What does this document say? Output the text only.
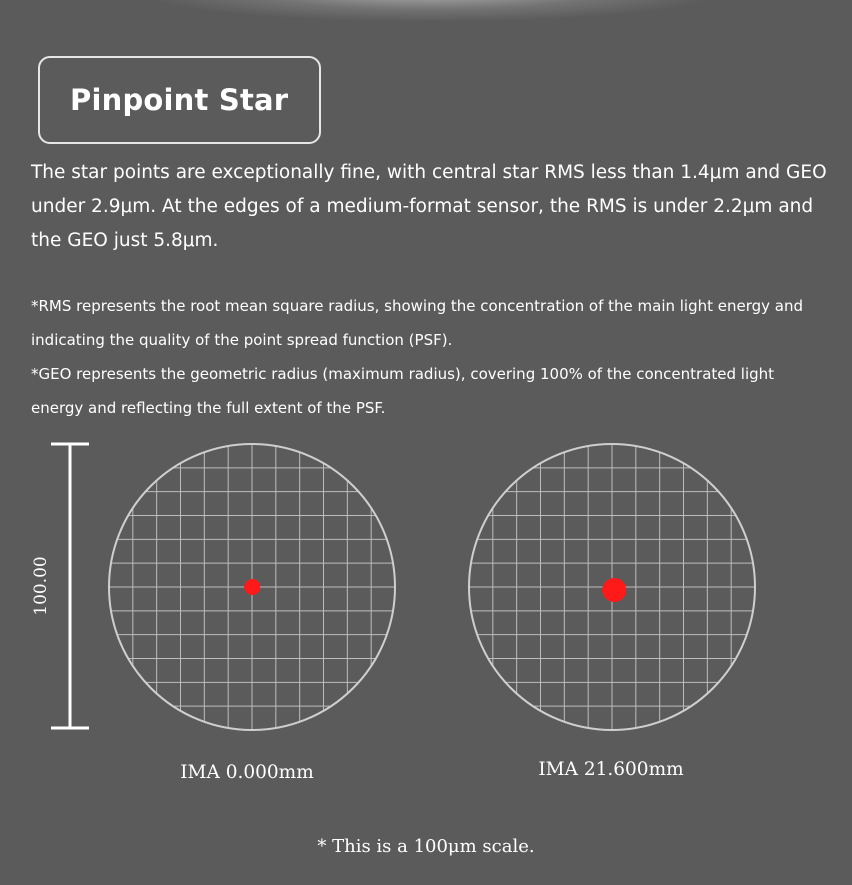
Pinpoint Star

The star points are exceptionally fine, with central star RMS less than 1.4μm and GEO under 2.9μm. At the edges of a medium-format sensor, the RMS is under 2.2μm and the GEO just 5.8μm.

*RMS represents the root mean square radius, showing the concentration of the main light energy and indicating the quality of the point spread function (PSF).

*GEO represents the geometric radius (maximum radius), covering 100% of the concentrated light energy and reflecting the full extent of the PSF.

100.00
IMA 0.000mm	IMA 21.600mm
* This is a 100μm scale.
